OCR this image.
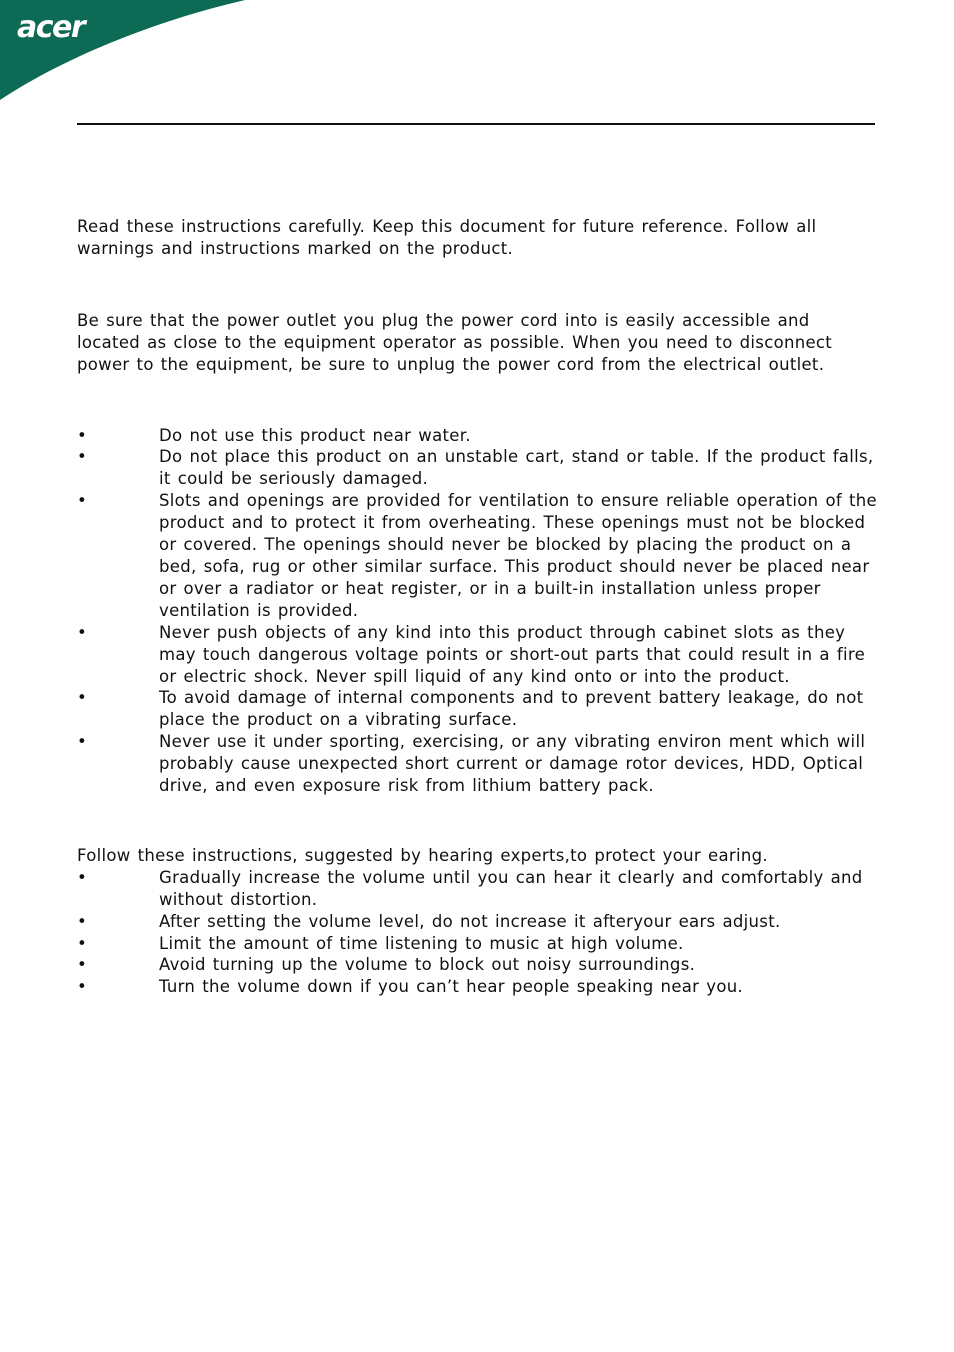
acer

Read these instructions carefully. Keep this document for future reference. Follow all warnings and instructions marked on the product.

Be sure that the power outlet you plug the power cord into is easily accessible and located as close to the equipment operator as possible. When you need to disconnect power to the equipment, be sure to unplug the power cord from the electrical outlet.

•	Do not use this product near water.
•	Do not place this product on an unstable cart, stand or table. If the product falls, it could be seriously damaged.
•	Slots and openings are provided for ventilation to ensure reliable operation of the product and to protect it from overheating. These openings must not be blocked or covered. The openings should never be blocked by placing the product on a bed, sofa, rug or other similar surface. This product should never be placed near or over a radiator or heat register, or in a built-in installation unless proper ventilation is provided.
•	Never push objects of any kind into this product through cabinet slots as they may touch dangerous voltage points or short-out parts that could result in a fire or electric shock. Never spill liquid of any kind onto or into the product.
•	To avoid damage of internal components and to prevent battery leakage, do not place the product on a vibrating surface.
•	Never use it under sporting, exercising, or any vibrating environ ment which will probably cause unexpected short current or damage rotor devices, HDD, Optical drive, and even exposure risk from lithium battery pack.

Follow these instructions, suggested by hearing experts,to protect your earing.

•	Gradually increase the volume until you can hear it clearly and comfortably and without distortion.
•	After setting the volume level, do not increase it afteryour ears adjust.
•	Limit the amount of time listening to music at high volume.
•	Avoid turning up the volume to block out noisy surroundings.
•	Turn the volume down if you can’t hear people speaking near you.
